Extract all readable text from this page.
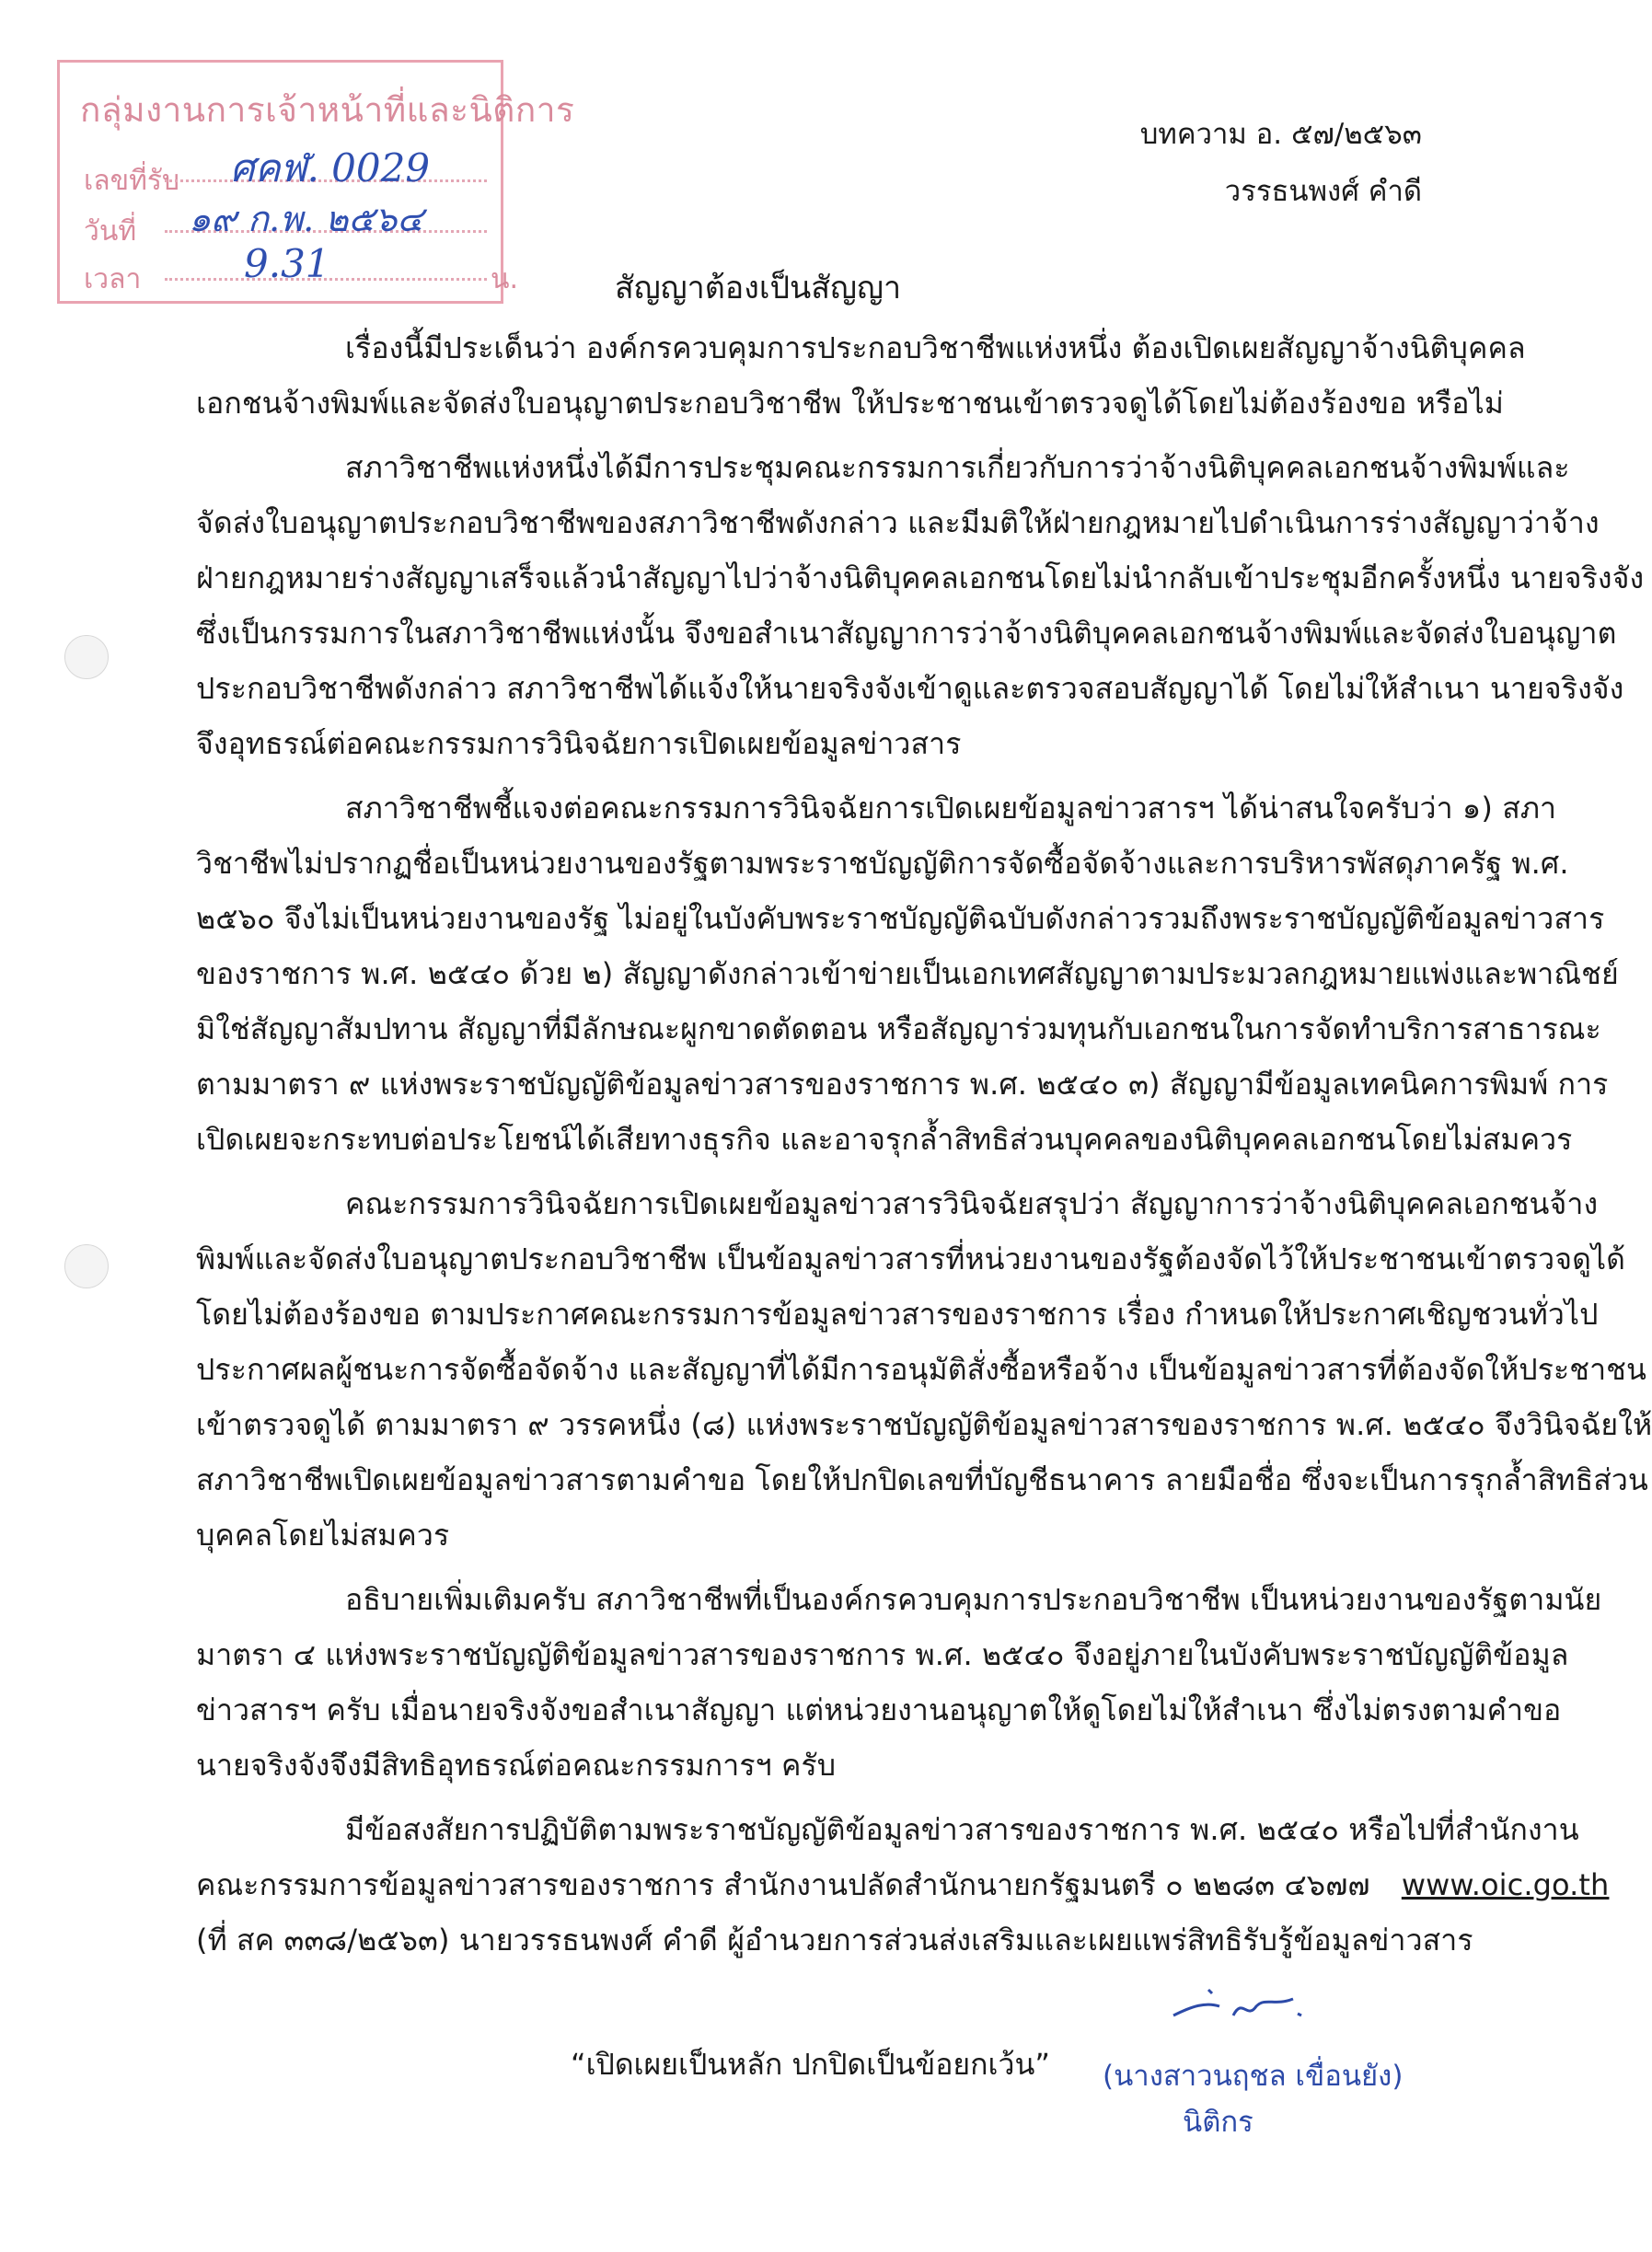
กลุ่มงานการเจ้าหน้าที่และนิติการ
เลขที่รับ
วันที่
เวลา	น.
ศคฬ. 0029
๑๙ ก.พ. ๒๕๖๔
9.31
บทความ อ. ๕๗/๒๕๖๓
วรรธนพงศ์ คำดี
สัญญาต้องเป็นสัญญา
เรื่องนี้มีประเด็นว่า องค์กรควบคุมการประกอบวิชาชีพแห่งหนึ่ง ต้องเปิดเผยสัญญาจ้างนิติบุคคล
เอกชนจ้างพิมพ์และจัดส่งใบอนุญาตประกอบวิชาชีพ ให้ประชาชนเข้าตรวจดูได้โดยไม่ต้องร้องขอ หรือไม่
สภาวิชาชีพแห่งหนึ่งได้มีการประชุมคณะกรรมการเกี่ยวกับการว่าจ้างนิติบุคคลเอกชนจ้างพิมพ์และ
จัดส่งใบอนุญาตประกอบวิชาชีพของสภาวิชาชีพดังกล่าว และมีมติให้ฝ่ายกฎหมายไปดำเนินการร่างสัญญาว่าจ้าง
ฝ่ายกฎหมายร่างสัญญาเสร็จแล้วนำสัญญาไปว่าจ้างนิติบุคคลเอกชนโดยไม่นำกลับเข้าประชุมอีกครั้งหนึ่ง นายจริงจัง
ซึ่งเป็นกรรมการในสภาวิชาชีพแห่งนั้น จึงขอสำเนาสัญญาการว่าจ้างนิติบุคคลเอกชนจ้างพิมพ์และจัดส่งใบอนุญาต
ประกอบวิชาชีพดังกล่าว สภาวิชาชีพได้แจ้งให้นายจริงจังเข้าดูและตรวจสอบสัญญาได้ โดยไม่ให้สำเนา นายจริงจัง
จึงอุทธรณ์ต่อคณะกรรมการวินิจฉัยการเปิดเผยข้อมูลข่าวสาร
สภาวิชาชีพชี้แจงต่อคณะกรรมการวินิจฉัยการเปิดเผยข้อมูลข่าวสารฯ ได้น่าสนใจครับว่า ๑) สภา
วิชาชีพไม่ปรากฏชื่อเป็นหน่วยงานของรัฐตามพระราชบัญญัติการจัดซื้อจัดจ้างและการบริหารพัสดุภาครัฐ พ.ศ.
๒๕๖๐ จึงไม่เป็นหน่วยงานของรัฐ ไม่อยู่ในบังคับพระราชบัญญัติฉบับดังกล่าวรวมถึงพระราชบัญญัติข้อมูลข่าวสาร
ของราชการ พ.ศ. ๒๕๔๐ ด้วย ๒) สัญญาดังกล่าวเข้าข่ายเป็นเอกเทศสัญญาตามประมวลกฎหมายแพ่งและพาณิชย์
มิใช่สัญญาสัมปทาน สัญญาที่มีลักษณะผูกขาดตัดตอน หรือสัญญาร่วมทุนกับเอกชนในการจัดทำบริการสาธารณะ
ตามมาตรา ๙ แห่งพระราชบัญญัติข้อมูลข่าวสารของราชการ พ.ศ. ๒๕๔๐ ๓) สัญญามีข้อมูลเทคนิคการพิมพ์ การ
เปิดเผยจะกระทบต่อประโยชน์ได้เสียทางธุรกิจ และอาจรุกล้ำสิทธิส่วนบุคคลของนิติบุคคลเอกชนโดยไม่สมควร
คณะกรรมการวินิจฉัยการเปิดเผยข้อมูลข่าวสารวินิจฉัยสรุปว่า สัญญาการว่าจ้างนิติบุคคลเอกชนจ้าง
พิมพ์และจัดส่งใบอนุญาตประกอบวิชาชีพ เป็นข้อมูลข่าวสารที่หน่วยงานของรัฐต้องจัดไว้ให้ประชาชนเข้าตรวจดูได้
โดยไม่ต้องร้องขอ ตามประกาศคณะกรรมการข้อมูลข่าวสารของราชการ เรื่อง กำหนดให้ประกาศเชิญชวนทั่วไป
ประกาศผลผู้ชนะการจัดซื้อจัดจ้าง และสัญญาที่ได้มีการอนุมัติสั่งซื้อหรือจ้าง เป็นข้อมูลข่าวสารที่ต้องจัดให้ประชาชน
เข้าตรวจดูได้ ตามมาตรา ๙ วรรคหนึ่ง (๘) แห่งพระราชบัญญัติข้อมูลข่าวสารของราชการ พ.ศ. ๒๕๔๐ จึงวินิจฉัยให้
สภาวิชาชีพเปิดเผยข้อมูลข่าวสารตามคำขอ โดยให้ปกปิดเลขที่บัญชีธนาคาร ลายมือชื่อ ซึ่งจะเป็นการรุกล้ำสิทธิส่วน
บุคคลโดยไม่สมควร
อธิบายเพิ่มเติมครับ สภาวิชาชีพที่เป็นองค์กรควบคุมการประกอบวิชาชีพ เป็นหน่วยงานของรัฐตามนัย
มาตรา ๔ แห่งพระราชบัญญัติข้อมูลข่าวสารของราชการ พ.ศ. ๒๕๔๐ จึงอยู่ภายในบังคับพระราชบัญญัติข้อมูล
ข่าวสารฯ ครับ เมื่อนายจริงจังขอสำเนาสัญญา แต่หน่วยงานอนุญาตให้ดูโดยไม่ให้สำเนา ซึ่งไม่ตรงตามคำขอ
นายจริงจังจึงมีสิทธิอุทธรณ์ต่อคณะกรรมการฯ ครับ
มีข้อสงสัยการปฏิบัติตามพระราชบัญญัติข้อมูลข่าวสารของราชการ พ.ศ. ๒๕๔๐ หรือไปที่สำนักงาน
คณะกรรมการข้อมูลข่าวสารของราชการ สำนักงานปลัดสำนักนายกรัฐมนตรี ๐ ๒๒๘๓ ๔๖๗๗ www.oic.go.th
(ที่ สค ๓๓๘/๒๕๖๓) นายวรรธนพงศ์ คำดี ผู้อำนวยการส่วนส่งเสริมและเผยแพร่สิทธิรับรู้ข้อมูลข่าวสาร
“เปิดเผยเป็นหลัก ปกปิดเป็นข้อยกเว้น” (นางสาวนฤชล เขื่อนยัง)
นิติกร
